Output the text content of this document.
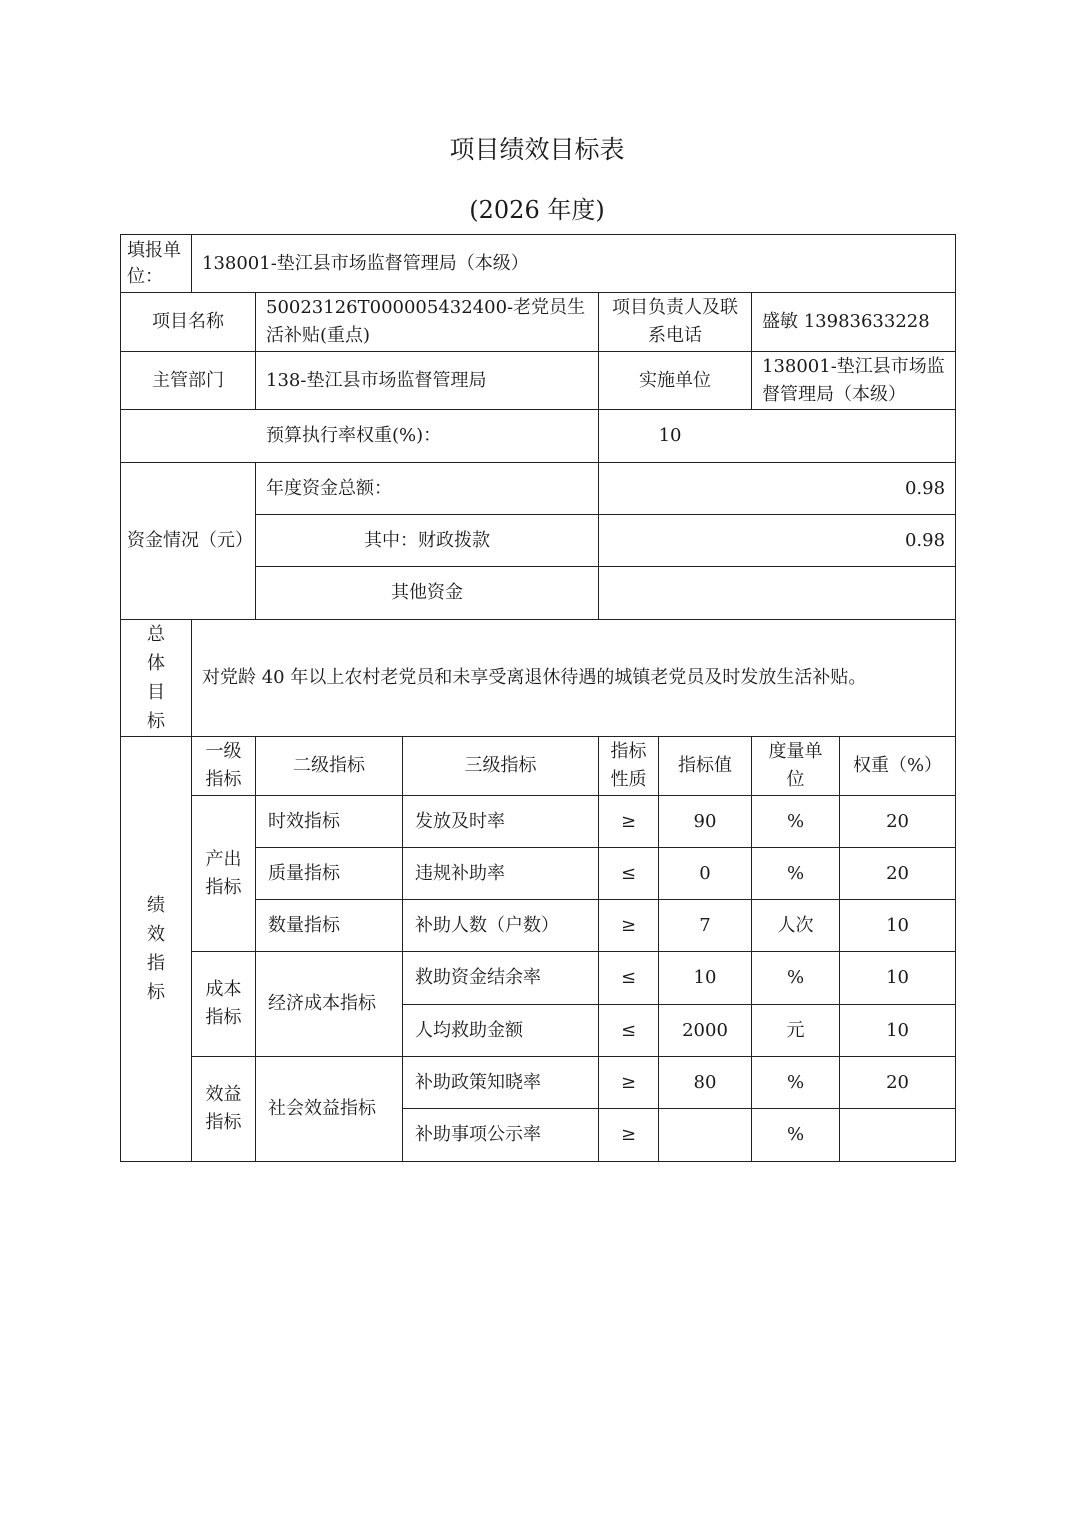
项目绩效目标表
(2026 年度)
填报单位：	138001-垫江县市场监督管理局（本级）						
项目名称		50023126T000005432400-老党员生活补贴(重点)		项目负责人及联系电话		盛敏 13983633228	
主管部门		138-垫江县市场监督管理局		实施单位		138001-垫江县市场监督管理局（本级）	
预算执行率权重(%)：				10			
资金情况（元）		年度资金总额：		0.98			
		其中：财政拨款		0.98			
		其他资金					
总体目标	对党龄 40 年以上农村老党员和未享受离退休待遇的城镇老党员及时发放生活补贴。						
绩效指标	一级指标	二级指标	三级指标	指标性质	指标值	度量单位	权重（%）
	产出指标	时效指标	发放及时率	≥	90	%	20
		质量指标	违规补助率	≤	0	%	20
		数量指标	补助人数（户数）	≥	7	人次	10
	成本指标	经济成本指标	救助资金结余率	≤	10	%	10
			人均救助金额	≤	2000	元	10
	效益指标	社会效益指标	补助政策知晓率	≥	80	%	20
			补助事项公示率	≥		%	
